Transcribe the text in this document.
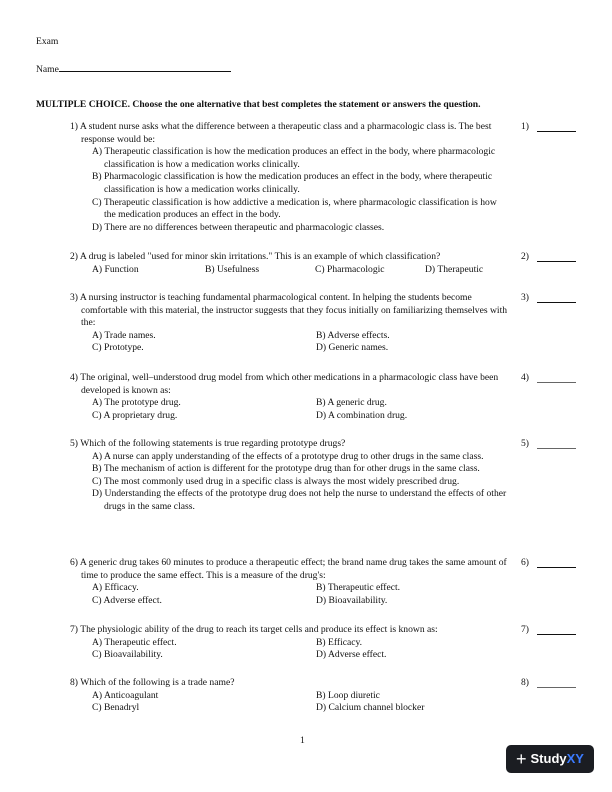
Exam
Name
MULTIPLE CHOICE. Choose the one alternative that best completes the statement or answers the question.
1) A student nurse asks what the difference between a therapeutic class and a pharmacologic class is. The best response would be:
A) Therapeutic classification is how the medication produces an effect in the body, where pharmacologic classification is how a medication works clinically.
B) Pharmacologic classification is how the medication produces an effect in the body, where therapeutic classification is how a medication works clinically.
C) Therapeutic classification is how addictive a medication is, where pharmacologic classification is how the medication produces an effect in the body.
D) There are no differences between therapeutic and pharmacologic classes.
1)
2) A drug is labeled "used for minor skin irritations." This is an example of which classification?
A) Function	B) Usefulness	C) Pharmacologic	D) Therapeutic
2)
3) A nursing instructor is teaching fundamental pharmacological content. In helping the students become comfortable with this material, the instructor suggests that they focus initially on familiarizing themselves with the:
A) Trade names.	B) Adverse effects.
C) Prototype.	D) Generic names.
3)
4) The original, well–understood drug model from which other medications in a pharmacologic class have been developed is known as:
A) The prototype drug.	B) A generic drug.
C) A proprietary drug.	D) A combination drug.
4)
5) Which of the following statements is true regarding prototype drugs?
A) A nurse can apply understanding of the effects of a prototype drug to other drugs in the same class.
B) The mechanism of action is different for the prototype drug than for other drugs in the same class.
C) The most commonly used drug in a specific class is always the most widely prescribed drug.
D) Understanding the effects of the prototype drug does not help the nurse to understand the effects of other drugs in the same class.
5)
6) A generic drug takes 60 minutes to produce a therapeutic effect; the brand name drug takes the same amount of time to produce the same effect. This is a measure of the drug's:
A) Efficacy.	B) Therapeutic effect.
C) Adverse effect.	D) Bioavailability.
6)
7) The physiologic ability of the drug to reach its target cells and produce its effect is known as:
A) Therapeutic effect.	B) Efficacy.
C) Bioavailability.	D) Adverse effect.
7)
8) Which of the following is a trade name?
A) Anticoagulant	B) Loop diuretic
C) Benadryl	D) Calcium channel blocker
8)
1
+ StudyXY
